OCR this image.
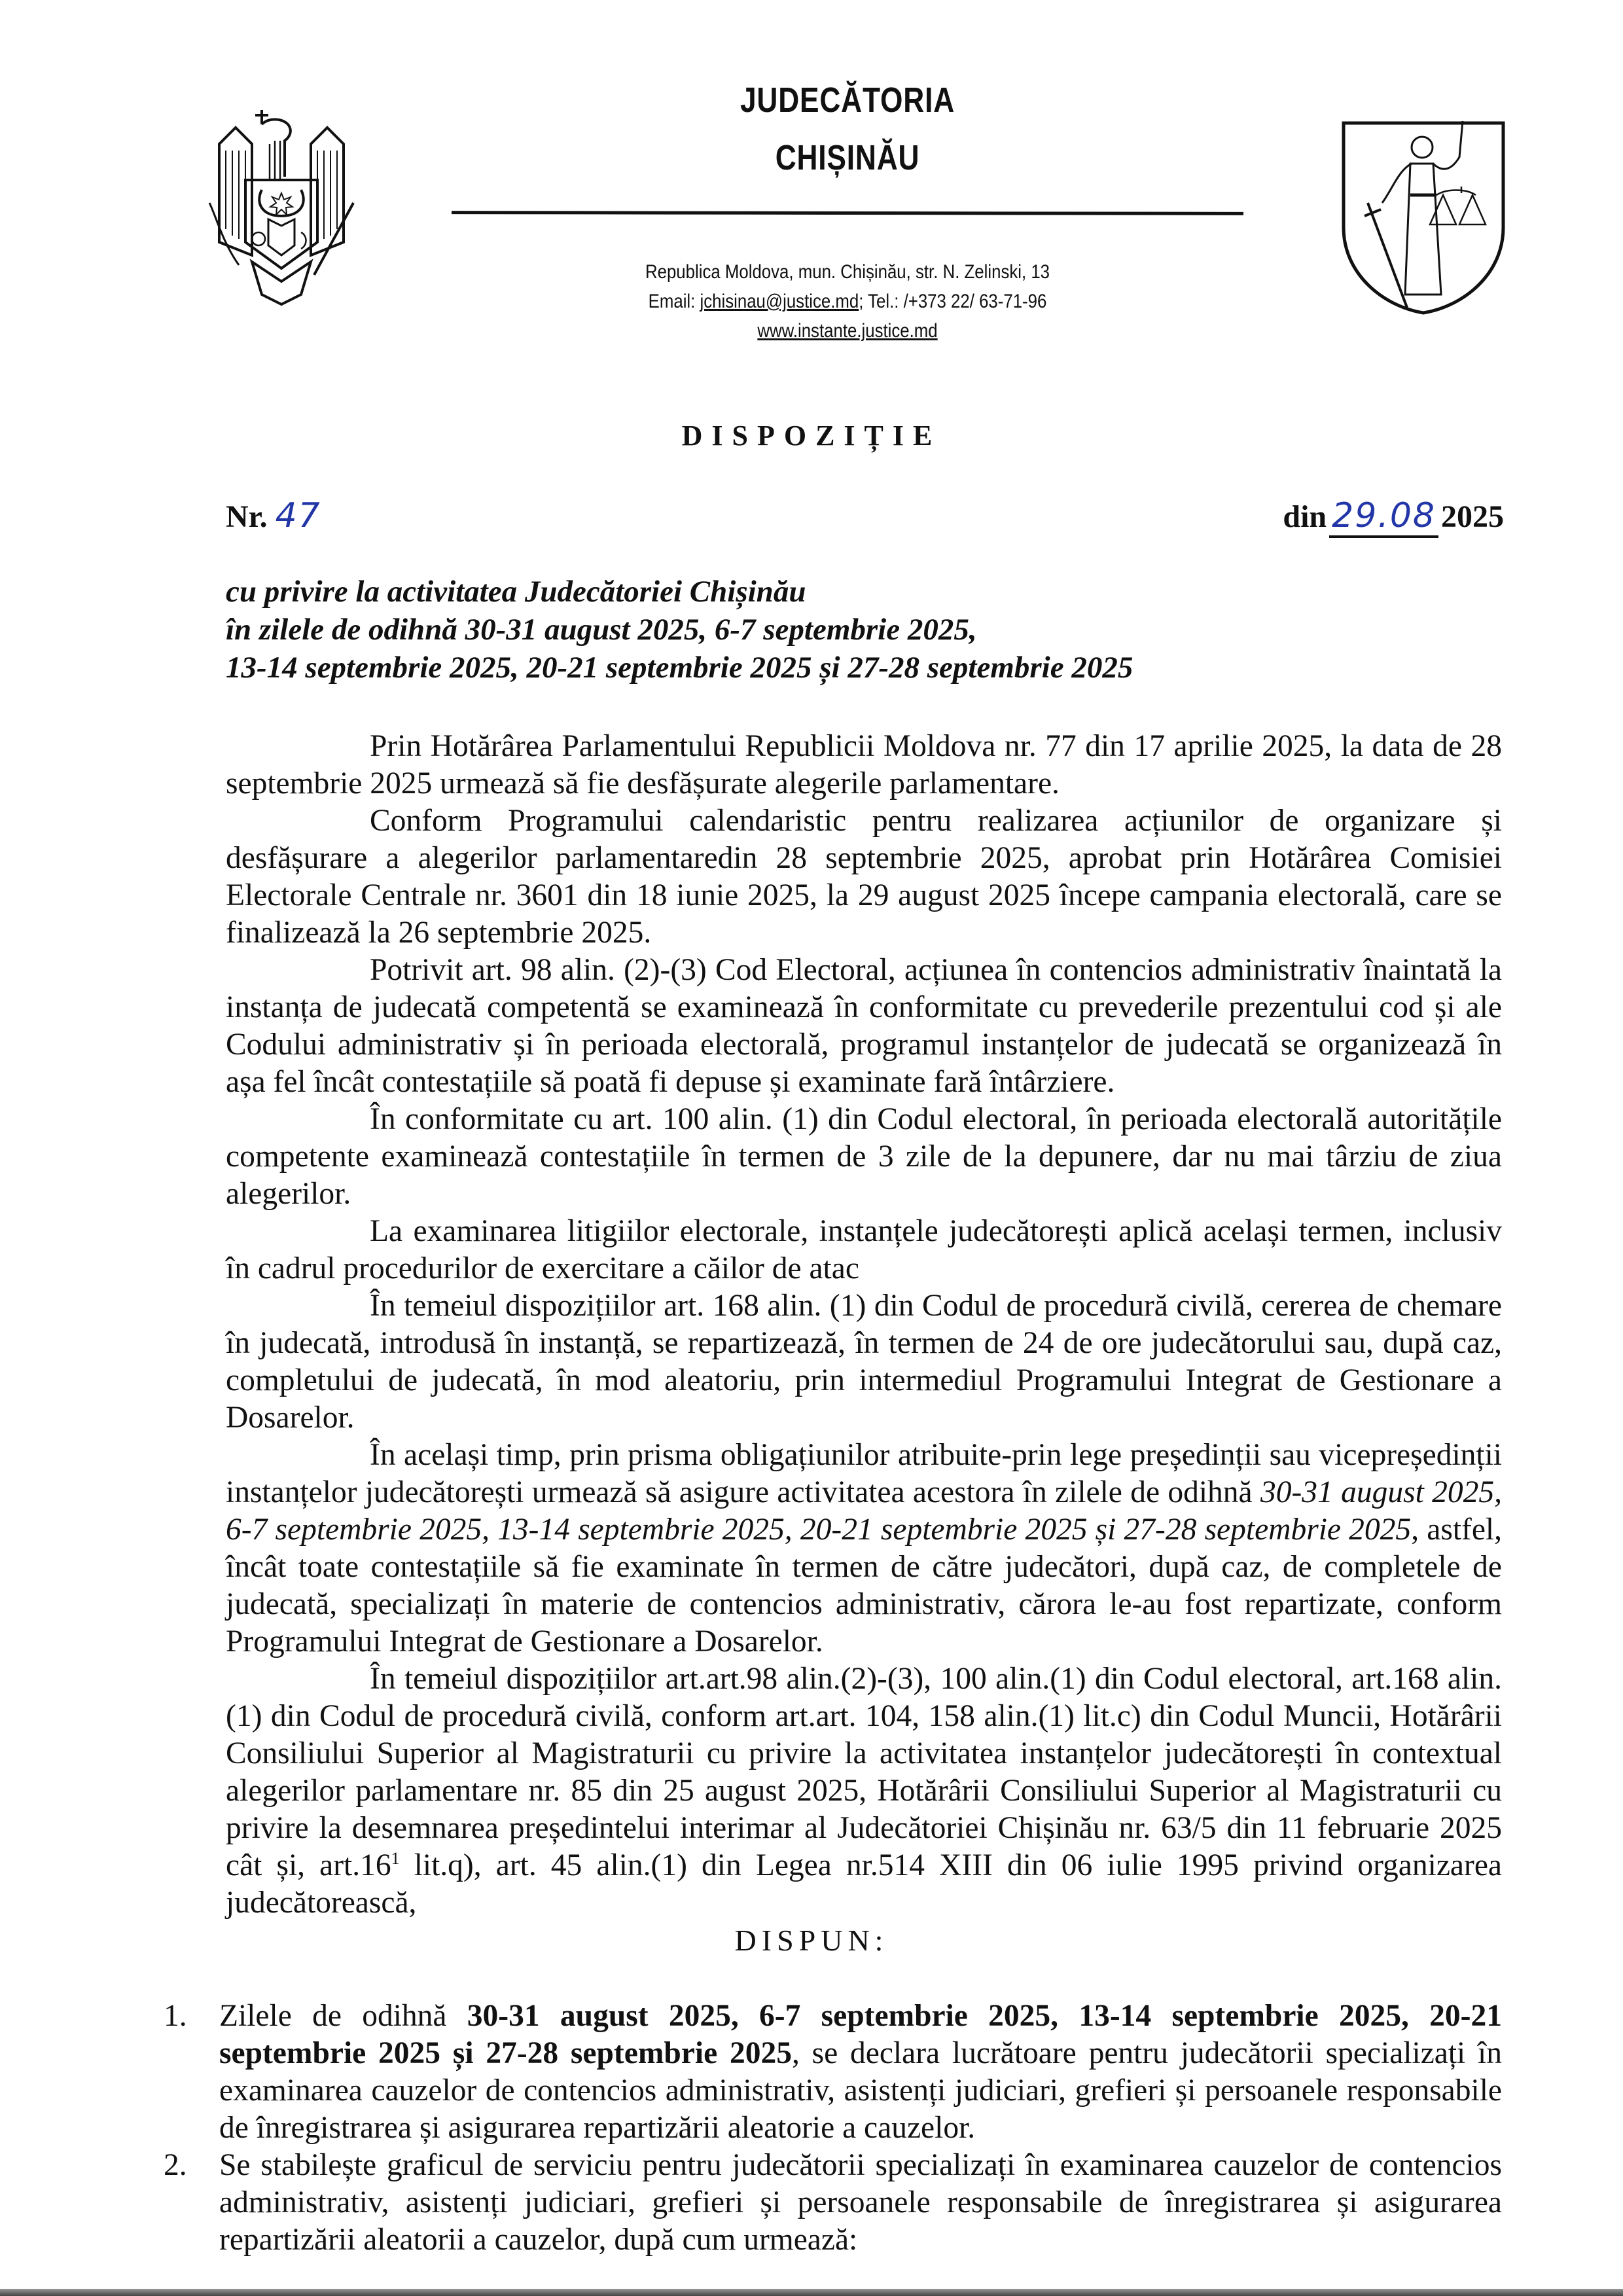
JUDECĂTORIA
CHIȘINĂU
Republica Moldova, mun. Chișinău, str. N. Zelinski, 13
Email: jchisinau@justice.md; Tel.: /+373 22/ 63-71-96
www.instante.justice.md
DISPOZIȚIE
Nr. 47	din 29.08 2025
cu privire la activitatea Judecătoriei Chișinău
în zilele de odihnă 30-31 august 2025, 6-7 septembrie 2025,
13-14 septembrie 2025, 20-21 septembrie 2025 și 27-28 septembrie 2025

Prin Hotărârea Parlamentului Republicii Moldova nr. 77 din 17 aprilie 2025, la data de 28 septembrie 2025 urmează să fie desfășurate alegerile parlamentare.

Conform Programului calendaristic pentru realizarea acțiunilor de organizare și desfășurare a alegerilor parlamentaredin 28 septembrie 2025, aprobat prin Hotărârea Comisiei Electorale Centrale nr. 3601 din 18 iunie 2025, la 29 august 2025 începe campania electorală, care se finalizează la 26 septembrie 2025.

Potrivit art. 98 alin. (2)-(3) Cod Electoral, acțiunea în contencios administrativ înaintată la instanța de judecată competentă se examinează în conformitate cu prevederile prezentului cod și ale Codului administrativ și în perioada electorală, programul instanțelor de judecată se organizează în așa fel încât contestațiile să poată fi depuse și examinate fară întârziere.

În conformitate cu art. 100 alin. (1) din Codul electoral, în perioada electorală autoritățile competente examinează contestațiile în termen de 3 zile de la depunere, dar nu mai târziu de ziua alegerilor.

La examinarea litigiilor electorale, instanțele judecătorești aplică același termen, inclusiv în cadrul procedurilor de exercitare a căilor de atac

În temeiul dispozițiilor art. 168 alin. (1) din Codul de procedură civilă, cererea de chemare în judecată, introdusă în instanță, se repartizează, în termen de 24 de ore judecătorului sau, după caz, completului de judecată, în mod aleatoriu, prin intermediul Programului Integrat de Gestionare a Dosarelor.

În același timp, prin prisma obligațiunilor atribuite-prin lege președinții sau vicepreședinții instanțelor judecătorești urmează să asigure activitatea acestora în zilele de odihnă 30-31 august 2025, 6-7 septembrie 2025, 13-14 septembrie 2025, 20-21 septembrie 2025 și 27-28 septembrie 2025, astfel, încât toate contestațiile să fie examinate în termen de către judecători, după caz, de completele de judecată, specializați în materie de contencios administrativ, cărora le-au fost repartizate, conform Programului Integrat de Gestionare a Dosarelor.

În temeiul dispozițiilor art.art.98 alin.(2)-(3), 100 alin.(1) din Codul electoral, art.168 alin.(1) din Codul de procedură civilă, conform art.art. 104, 158 alin.(1) lit.c) din Codul Muncii, Hotărârii Consiliului Superior al Magistraturii cu privire la activitatea instanțelor judecătorești în contextual alegerilor parlamentare nr. 85 din 25 august 2025, Hotărârii Consiliului Superior al Magistraturii cu privire la desemnarea președintelui interimar al Judecătoriei Chișinău nr. 63/5 din 11 februarie 2025 cât și, $art.16^1$ lit.q), art. 45 alin.(1) din Legea nr.514 XIII din 06 iulie 1995 privind organizarea judecătorească,

DISPUN:
1.	Zilele de odihnă 30-31 august 2025, 6-7 septembrie 2025, 13-14 septembrie 2025, 20-21 septembrie 2025 și 27-28 septembrie 2025, se declara lucrătoare pentru judecătorii specializați în examinarea cauzelor de contencios administrativ, asistenți judiciari, grefieri și persoanele responsabile de înregistrarea și asigurarea repartizării aleatorie a cauzelor.
2.	Se stabilește graficul de serviciu pentru judecătorii specializați în examinarea cauzelor de contencios administrativ, asistenți judiciari, grefieri și persoanele responsabile de înregistrarea și asigurarea repartizării aleatorii a cauzelor, după cum urmează:
